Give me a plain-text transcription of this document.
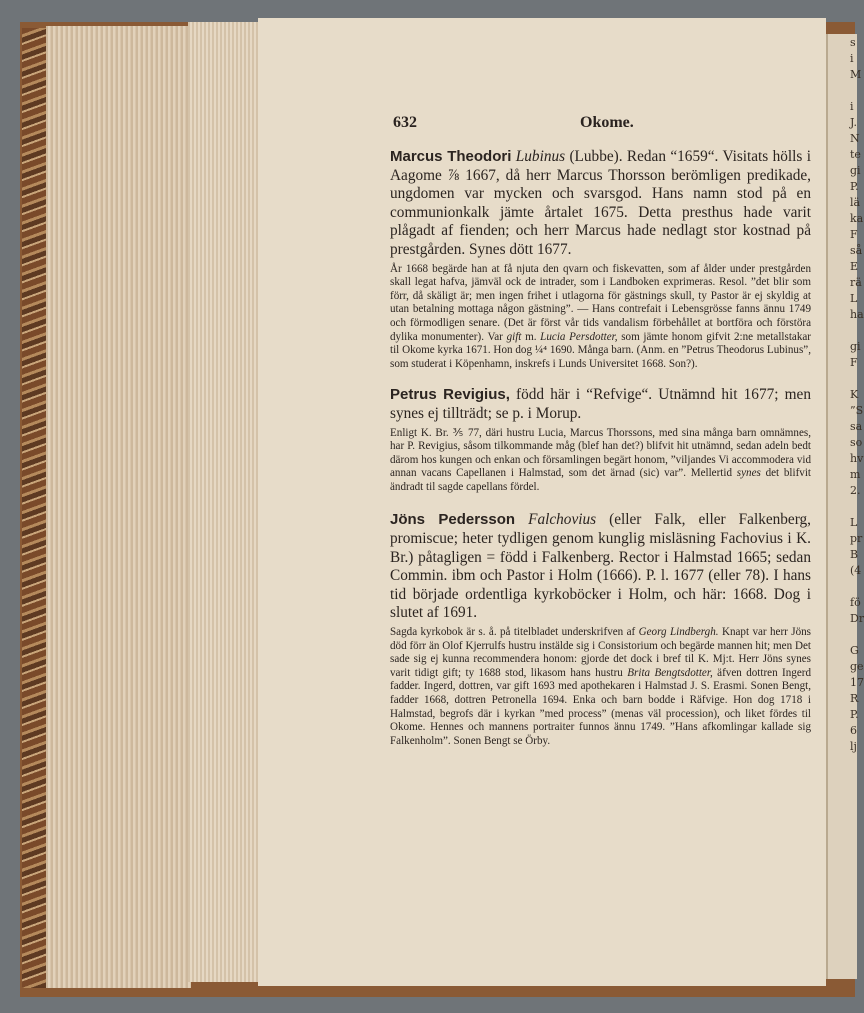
632	Okome.

Marcus Theodori Lubinus (Lubbe). Redan “1659“. Visitats hölls i Aagome ⅞ 1667, då herr Marcus Thorsson berömligen predikade, ungdomen var mycken och svarsgod. Hans namn stod på en communionkalk jämte årtalet 1675. Detta presthus hade varit plågadt af fienden; och herr Marcus hade nedlagt stor kostnad på prestgården. Synes dött 1677.

År 1668 begärde han at få njuta den qvarn och fiskevatten, som af ålder under prestgården skall legat hafva, jämväl ock de intrader, som i Landboken exprimeras. Resol. ”det blir som förr, då skäligt är; men ingen frihet i utlagorna för gästnings skull, ty Pastor är ej skyldig at utan betalning mottaga någon gästning”. — Hans contrefait i Lebensgrösse fanns ännu 1749 och förmodligen senare. (Det är först vår tids vandalism förbehållet at bortföra och förstöra dylika monumenter). Var gift m. Lucia Persdotter, som jämte honom gifvit 2:ne metallstakar til Okome kyrka 1671. Hon dog ¼⁴ 1690. Många barn. (Anm. en ”Petrus Theodorus Lubinus”, som studerat i Köpenhamn, inskrefs i Lunds Universitet 1668. Son?).

Petrus Revigius, född här i “Refvige“. Utnämnd hit 1677; men synes ej tillträdt; se p. i Morup.

Enligt K. Br. ⅗ 77, däri hustru Lucia, Marcus Thorssons, med sina många barn omnämnes, har P. Revigius, såsom tilkommande måg (blef han det?) blifvit hit utnämnd, sedan adeln bedt därom hos kungen och enkan och församlingen begärt honom, ”viljandes Vi accommodera vid annan vacans Capellanen i Halmstad, som det ärnad (sic) var”. Mellertid synes det blifvit ändradt til sagde capellans fördel.

Jöns Pedersson Falchovius (eller Falk, eller Falkenberg, promiscue; heter tydligen genom kunglig misläsning Fachovius i K. Br.) påtagligen = född i Falkenberg. Rector i Halmstad 1665; sedan Commin. ibm och Pastor i Holm (1666). P. l. 1677 (eller 78). I hans tid började ordentliga kyrkoböcker i Holm, och här: 1668. Dog i slutet af 1691.

Sagda kyrkobok är s. å. på titelbladet underskrifven af Georg Lindbergh. Knapt var herr Jöns död förr än Olof Kjerrulfs hustru instälde sig i Consistorium och begärde mannen hit; men Det sade sig ej kunna recommendera honom: gjorde det dock i bref til K. Mj:t. Herr Jöns synes varit tidigt gift; ty 1688 stod, likasom hans hustru Brita Bengtsdotter, äfven dottren Ingerd fadder. Ingerd, dottren, var gift 1693 med apothekaren i Halmstad J. S. Erasmi. Sonen Bengt, fadder 1668, dottren Petronella 1694. Enka och barn bodde i Räfvige. Hon dog 1718 i Halmstad, begrofs där i kyrkan ”med process” (menas väl procession), och liket fördes til Okome. Hennes och mannens portraiter funnos ännu 1749. ”Hans afkomlingar kallade sig Falkenholm”. Sonen Bengt se Örby.

s
i
M

i
J.
N
te
gi
P.
lä
ka
F
så
E
rä
L
ha

gi
F

K
”S
sa
so
hv
m
2.

L
pr
B
(4

fö
Dr

G
ge
17
R
P.
6
lj
